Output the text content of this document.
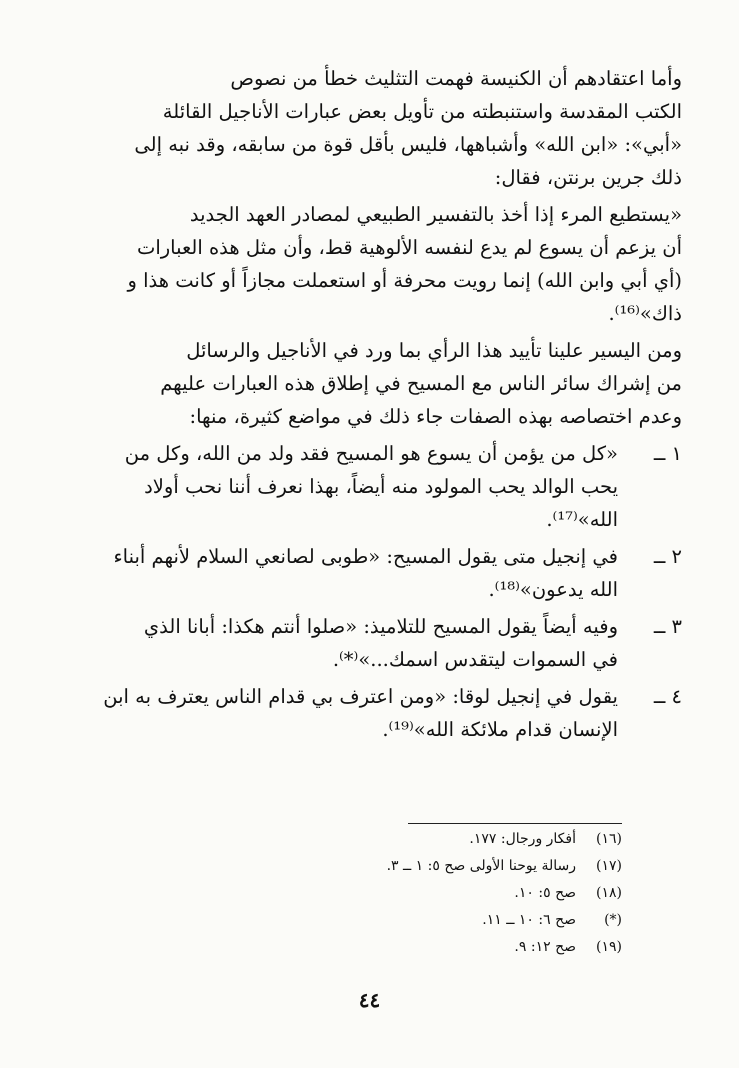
وأما اعتقادهم أن الكنيسة فهمت التثليث خطأ من نصوص
الكتب المقدسة واستنبطته من تأويل بعض عبارات الأناجيل القائلة
«أبي»: «ابن الله» وأشباهها، فليس بأقل قوة من سابقه، وقد نبه إلى
ذلك جرين برنتن، فقال:
«يستطيع المرء إذا أخذ بالتفسير الطبيعي لمصادر العهد الجديد
أن يزعم أن يسوع لم يدع لنفسه الألوهية قط، وأن مثل هذه العبارات
(أي أبي وابن الله) إنما رويت محرفة أو استعملت مجازاً أو كانت هذا و
ذاك»⁽¹⁶⁾.
ومن اليسير علينا تأييد هذا الرأي بما ورد في الأناجيل والرسائل
من إشراك سائر الناس مع المسيح في إطلاق هذه العبارات عليهم
وعدم اختصاصه بهذه الصفات جاء ذلك في مواضع كثيرة، منها:
١ ــ
«كل من يؤمن أن يسوع هو المسيح فقد ولد من الله، وكل من
يحب الوالد يحب المولود منه أيضاً، بهذا نعرف أننا نحب أولاد
الله»⁽¹⁷⁾.
٢ ــ
في إنجيل متى يقول المسيح: «طوبى لصانعي السلام لأنهم أبناء
الله يدعون»⁽¹⁸⁾.
٣ ــ
وفيه أيضاً يقول المسيح للتلاميذ: «صلوا أنتم هكذا: أبانا الذي
في السموات ليتقدس اسمك...»⁽*⁾.
٤ ــ
يقول في إنجيل لوقا: «ومن اعترف بي قدام الناس يعترف به ابن
الإنسان قدام ملائكة الله»⁽¹⁹⁾.
(١٦)
أفكار ورجال: ١٧٧.
(١٧)
رسالة يوحنا الأولى صح ٥: ١ ــ ٣.
(١٨)
صح ٥: ١٠.
(*)
صح ٦: ١٠ ــ ١١.
(١٩)
صح ١٢: ٩.
٤٤
